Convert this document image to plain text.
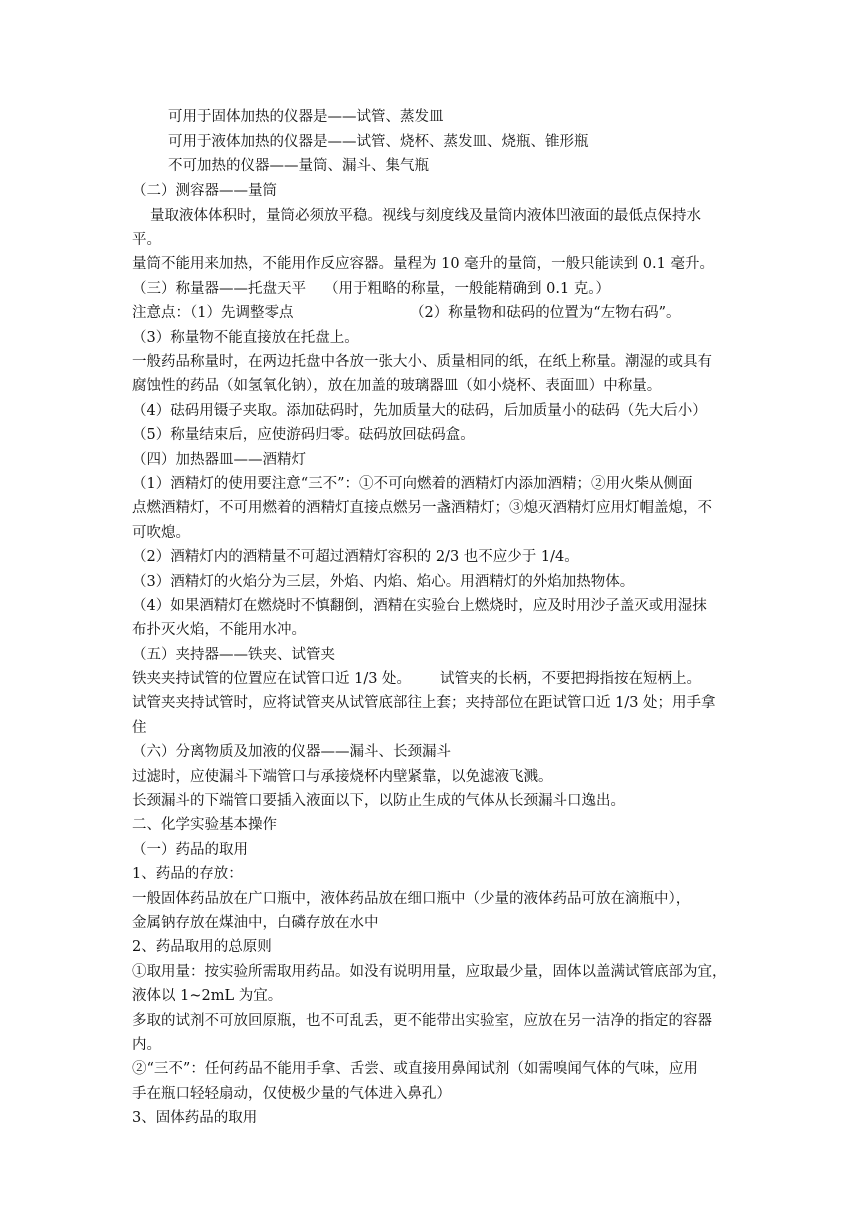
可用于固体加热的仪器是——试管、蒸发皿
可用于液体加热的仪器是——试管、烧杯、蒸发皿、烧瓶、锥形瓶
不可加热的仪器——量筒、漏斗、集气瓶
（二）测容器——量筒
量取液体体积时，量筒必须放平稳。视线与刻度线及量筒内液体凹液面的最低点保持水
平。
量筒不能用来加热，不能用作反应容器。量程为 10 毫升的量筒，一般只能读到 0.1 毫升。
（三）称量器——托盘天平 （用于粗略的称量，一般能精确到 0.1 克。）
注意点：（1）先调整零点	（2）称量物和砝码的位置为“左物右码”。
（3）称量物不能直接放在托盘上。
一般药品称量时，在两边托盘中各放一张大小、质量相同的纸，在纸上称量。潮湿的或具有
腐蚀性的药品（如氢氧化钠），放在加盖的玻璃器皿（如小烧杯、表面皿）中称量。
（4）砝码用镊子夹取。添加砝码时，先加质量大的砝码，后加质量小的砝码（先大后小）
（5）称量结束后，应使游码归零。砝码放回砝码盒。
（四）加热器皿——酒精灯
（1）酒精灯的使用要注意“三不”：①不可向燃着的酒精灯内添加酒精；②用火柴从侧面
点燃酒精灯，不可用燃着的酒精灯直接点燃另一盏酒精灯；③熄灭酒精灯应用灯帽盖熄，不
可吹熄。
（2）酒精灯内的酒精量不可超过酒精灯容积的 2/3 也不应少于 1/4。
（3）酒精灯的火焰分为三层，外焰、内焰、焰心。用酒精灯的外焰加热物体。
（4）如果酒精灯在燃烧时不慎翻倒，酒精在实验台上燃烧时，应及时用沙子盖灭或用湿抹
布扑灭火焰，不能用水冲。
（五）夹持器——铁夹、试管夹
铁夹夹持试管的位置应在试管口近 1/3 处。 试管夹的长柄，不要把拇指按在短柄上。
试管夹夹持试管时，应将试管夹从试管底部往上套；夹持部位在距试管口近 1/3 处；用手拿
住
（六）分离物质及加液的仪器——漏斗、长颈漏斗
过滤时，应使漏斗下端管口与承接烧杯内壁紧靠，以免滤液飞溅。
长颈漏斗的下端管口要插入液面以下，以防止生成的气体从长颈漏斗口逸出。
二、化学实验基本操作
（一）药品的取用
1、药品的存放：
一般固体药品放在广口瓶中，液体药品放在细口瓶中（少量的液体药品可放在滴瓶中），
金属钠存放在煤油中，白磷存放在水中
2、药品取用的总原则
①取用量：按实验所需取用药品。如没有说明用量，应取最少量，固体以盖满试管底部为宜，
液体以 1~2mL 为宜。
多取的试剂不可放回原瓶，也不可乱丢，更不能带出实验室，应放在另一洁净的指定的容器
内。
②“三不”：任何药品不能用手拿、舌尝、或直接用鼻闻试剂（如需嗅闻气体的气味，应用
手在瓶口轻轻扇动，仅使极少量的气体进入鼻孔）
3、固体药品的取用
